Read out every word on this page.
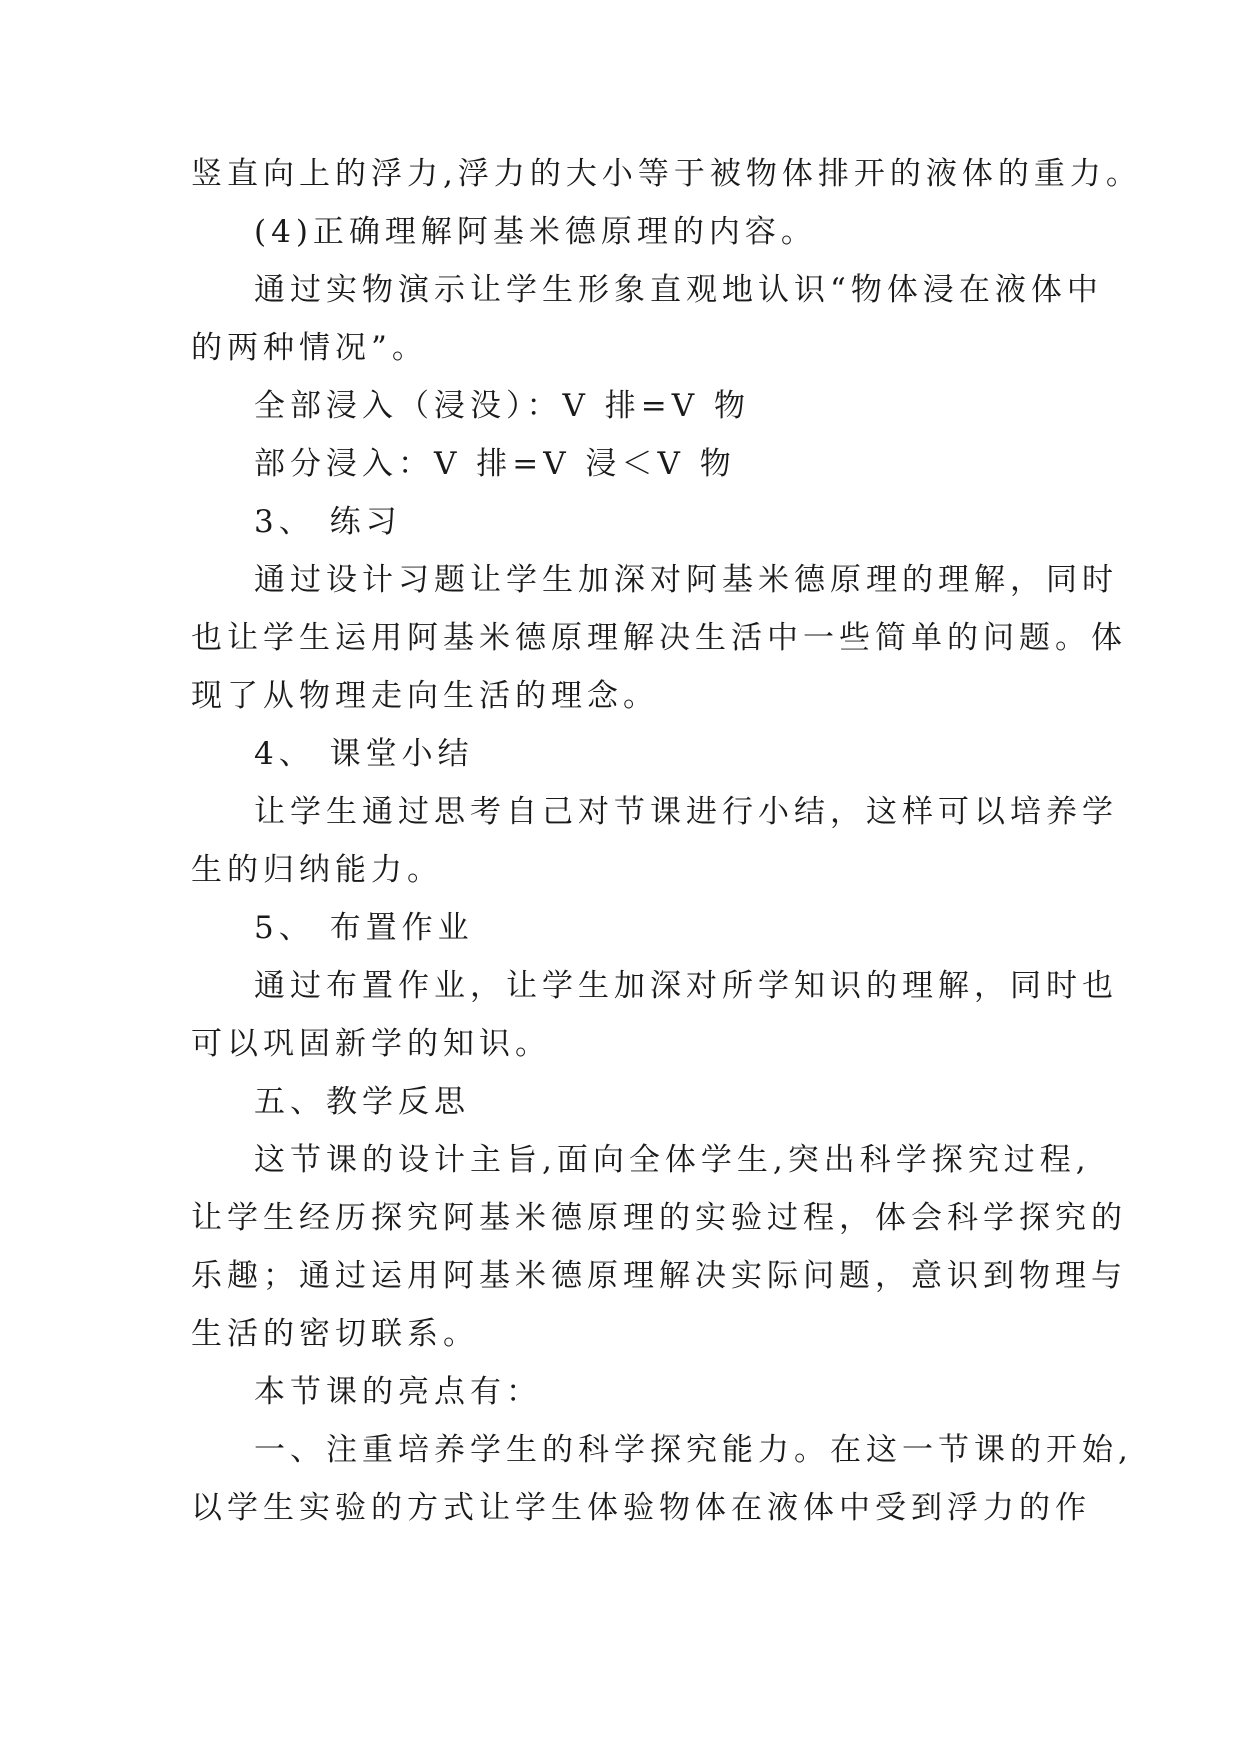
竖直向上的浮力,浮力的大小等于被物体排开的液体的重力。
(4)正确理解阿基米德原理的内容。
通过实物演示让学生形象直观地认识“物体浸在液体中
的两种情况”。
全部浸入（浸没）：V 排=V 物
部分浸入：V 排=V 浸＜V 物
3、 练习
通过设计习题让学生加深对阿基米德原理的理解，同时
也让学生运用阿基米德原理解决生活中一些简单的问题。体
现了从物理走向生活的理念。
4、 课堂小结
让学生通过思考自己对节课进行小结，这样可以培养学
生的归纳能力。
5、 布置作业
通过布置作业，让学生加深对所学知识的理解，同时也
可以巩固新学的知识。
五、教学反思
这节课的设计主旨,面向全体学生,突出科学探究过程,
让学生经历探究阿基米德原理的实验过程，体会科学探究的
乐趣；通过运用阿基米德原理解决实际问题，意识到物理与
生活的密切联系。
本节课的亮点有：
一、注重培养学生的科学探究能力。在这一节课的开始,
以学生实验的方式让学生体验物体在液体中受到浮力的作
